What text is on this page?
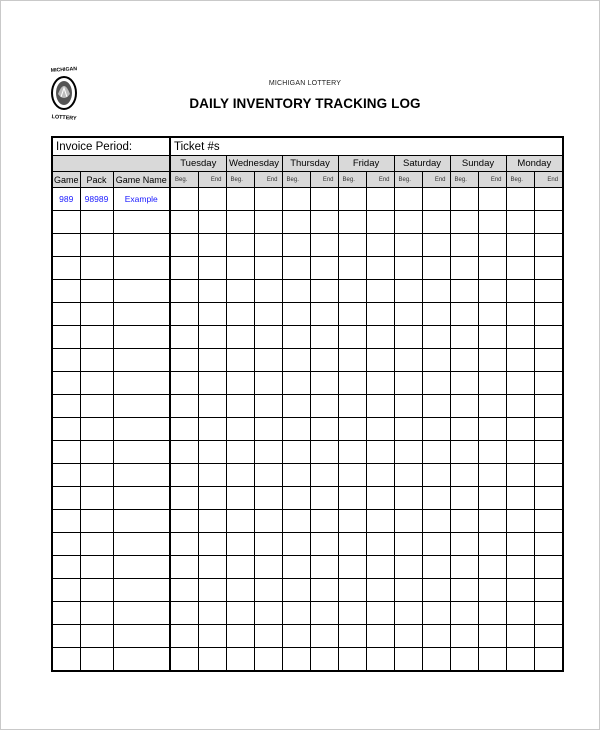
MICHIGAN
LOTTERY
MICHIGAN LOTTERY
DAILY INVENTORY TRACKING LOG
Invoice Period:			Ticket #s													
			Tuesday		Wednesday		Thursday		Friday		Saturday		Sunday		Monday	
Game	Pack	Game Name	Beg.	End	Beg.	End	Beg.	End	Beg.	End	Beg.	End	Beg.	End	Beg.	End
989	98989	Example														
